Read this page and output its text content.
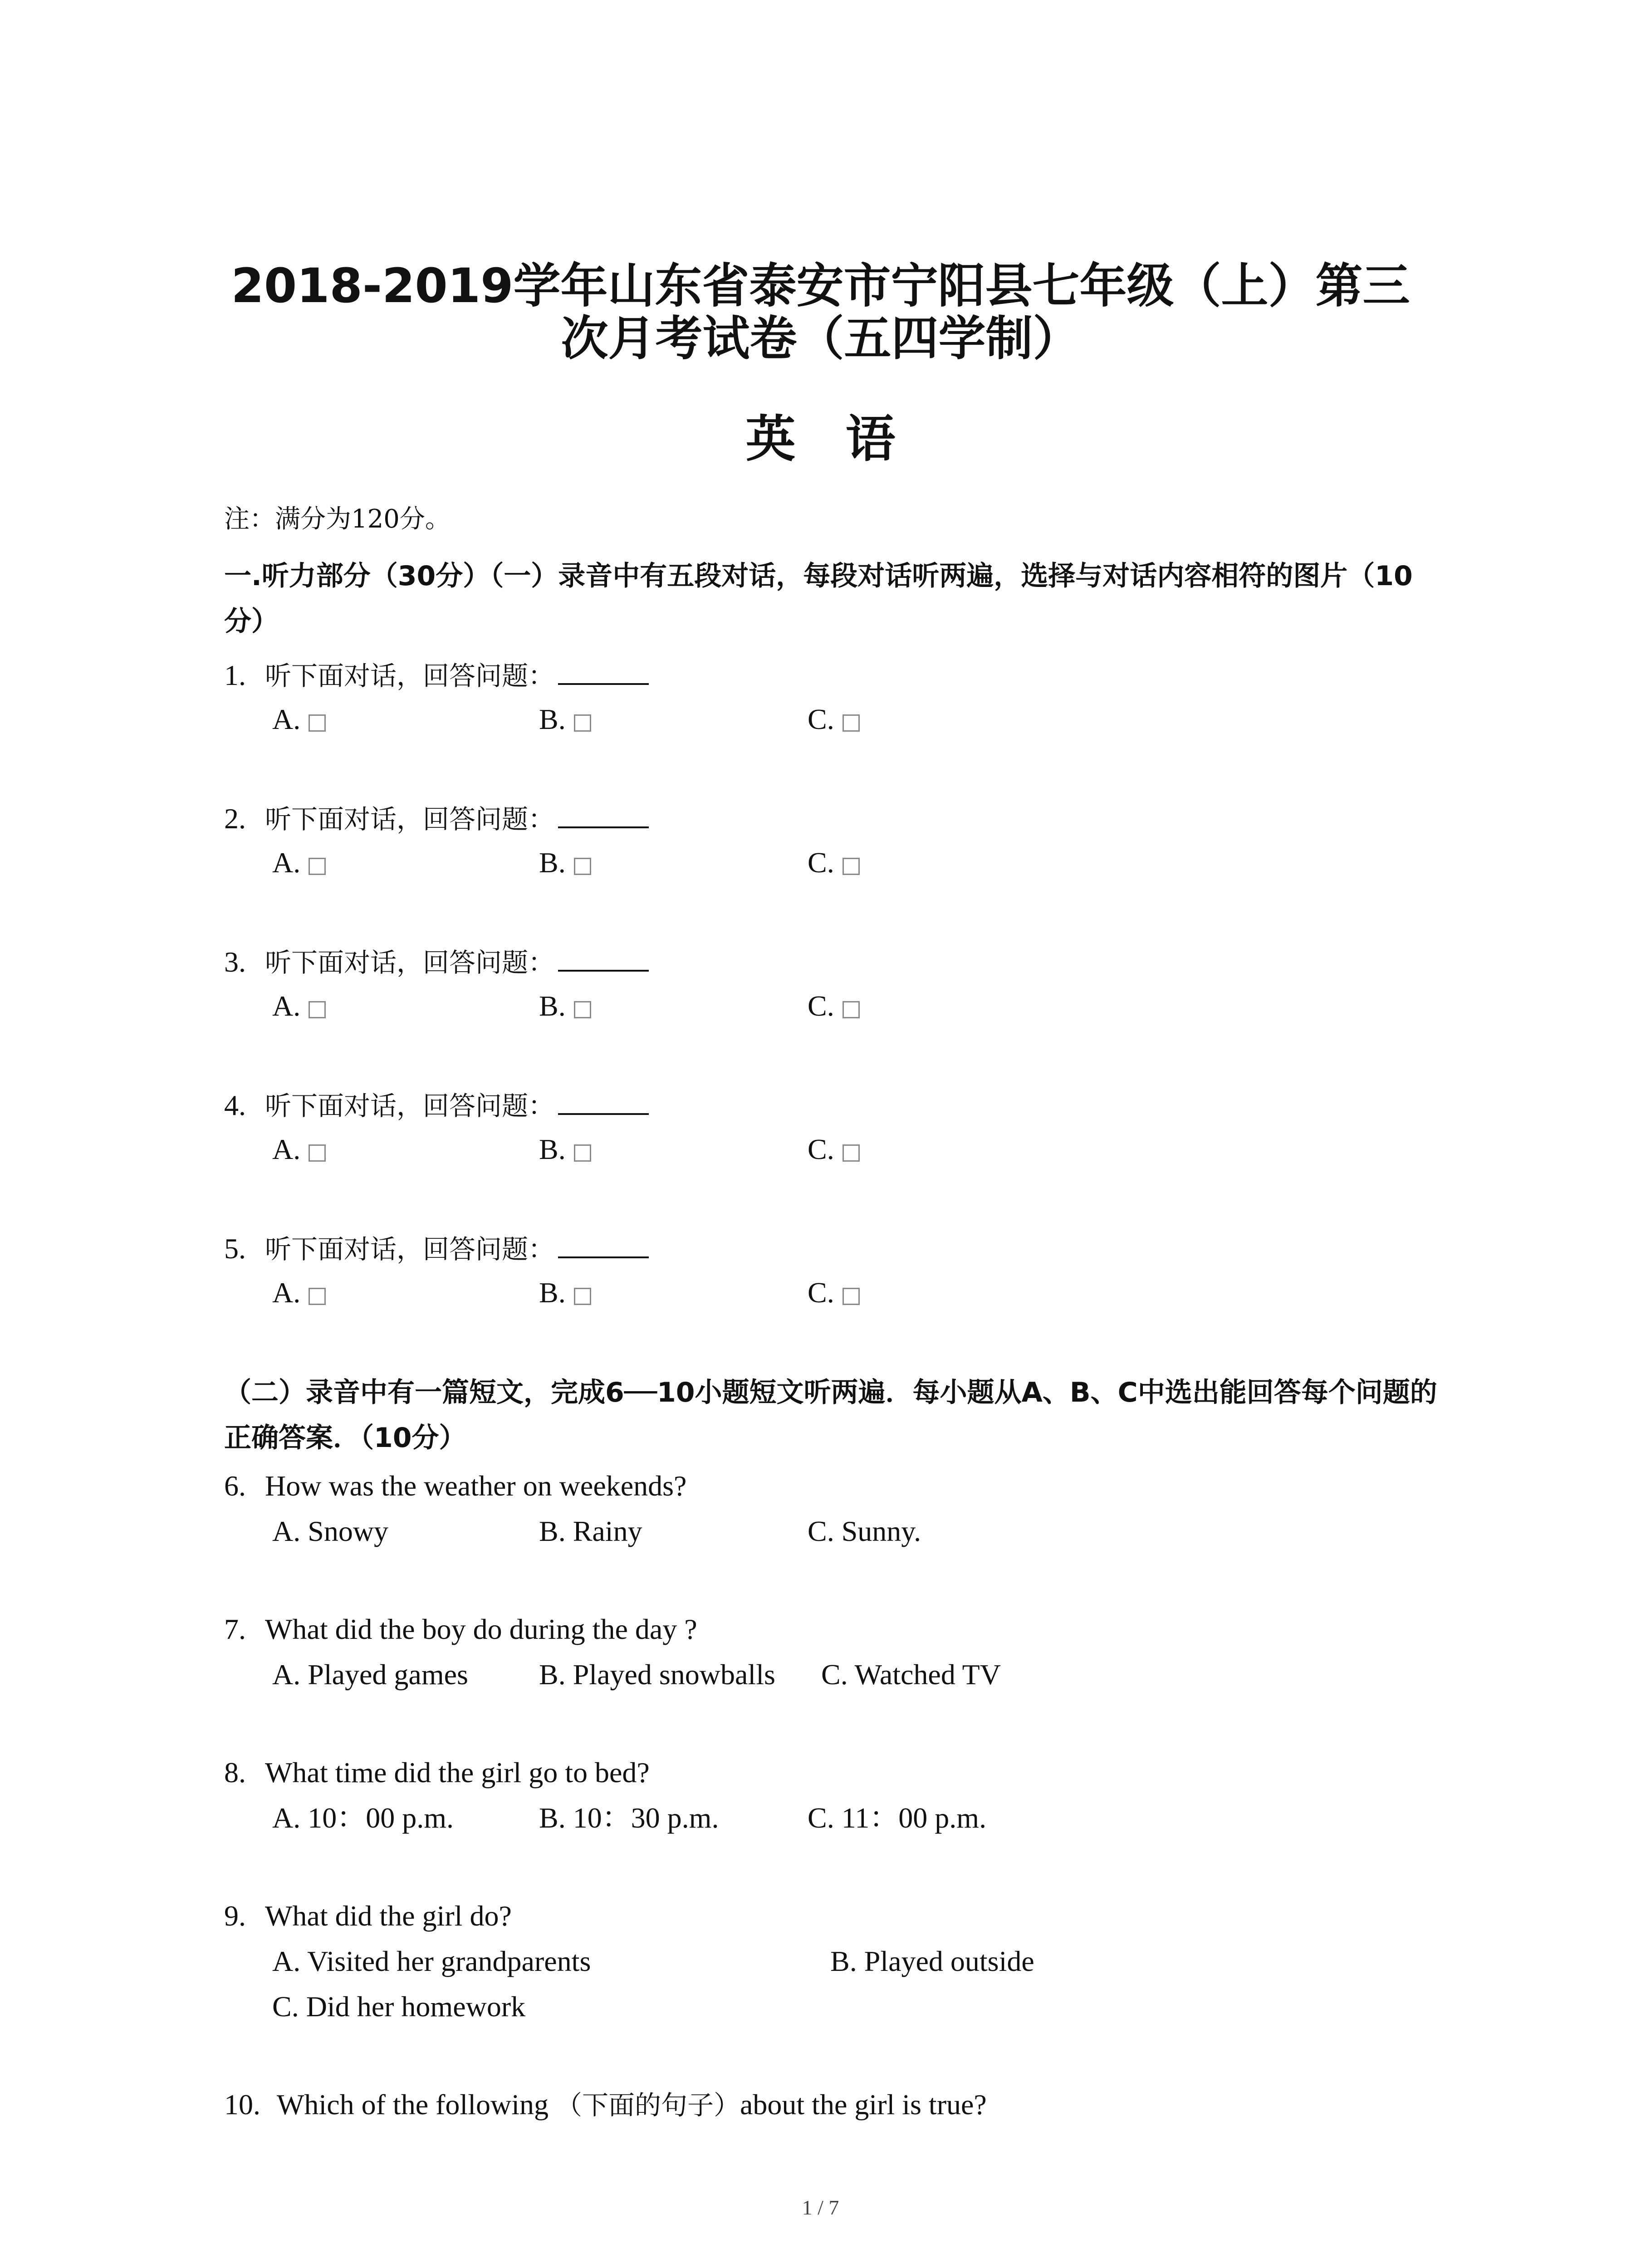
2018-2019学年山东省泰安市宁阳县七年级（上）第三
次月考试卷（五四学制）
英语
注：满分为120分。
一.听力部分（30分）（一）录音中有五段对话，每段对话听两遍，选择与对话内容相符的图片（10分）
1. 听下面对话，回答问题：
A.	B.	C.
2. 听下面对话，回答问题：
A.	B.	C.
3. 听下面对话，回答问题：
A.	B.	C.
4. 听下面对话，回答问题：
A.	B.	C.
5. 听下面对话，回答问题：
A.	B.	C.
（二）录音中有一篇短文，完成6──10小题短文听两遍．每小题从A、B、C中选出能回答每个问题的正确答案．（10分）
6. How was the weather on weekends?
A. Snowy	B. Rainy	C. Sunny.
7. What did the boy do during the day ?
A. Played games B. Played snowballs C. Watched TV
8. What time did the girl go to bed?
A. 10：00 p.m.	B. 10：30 p.m.	C. 11：00 p.m.
9. What did the girl do?
A. Visited her grandparents	B. Played outside
C. Did her homework
10. Which of the following （下面的句子）about the girl is true?
1 / 7
